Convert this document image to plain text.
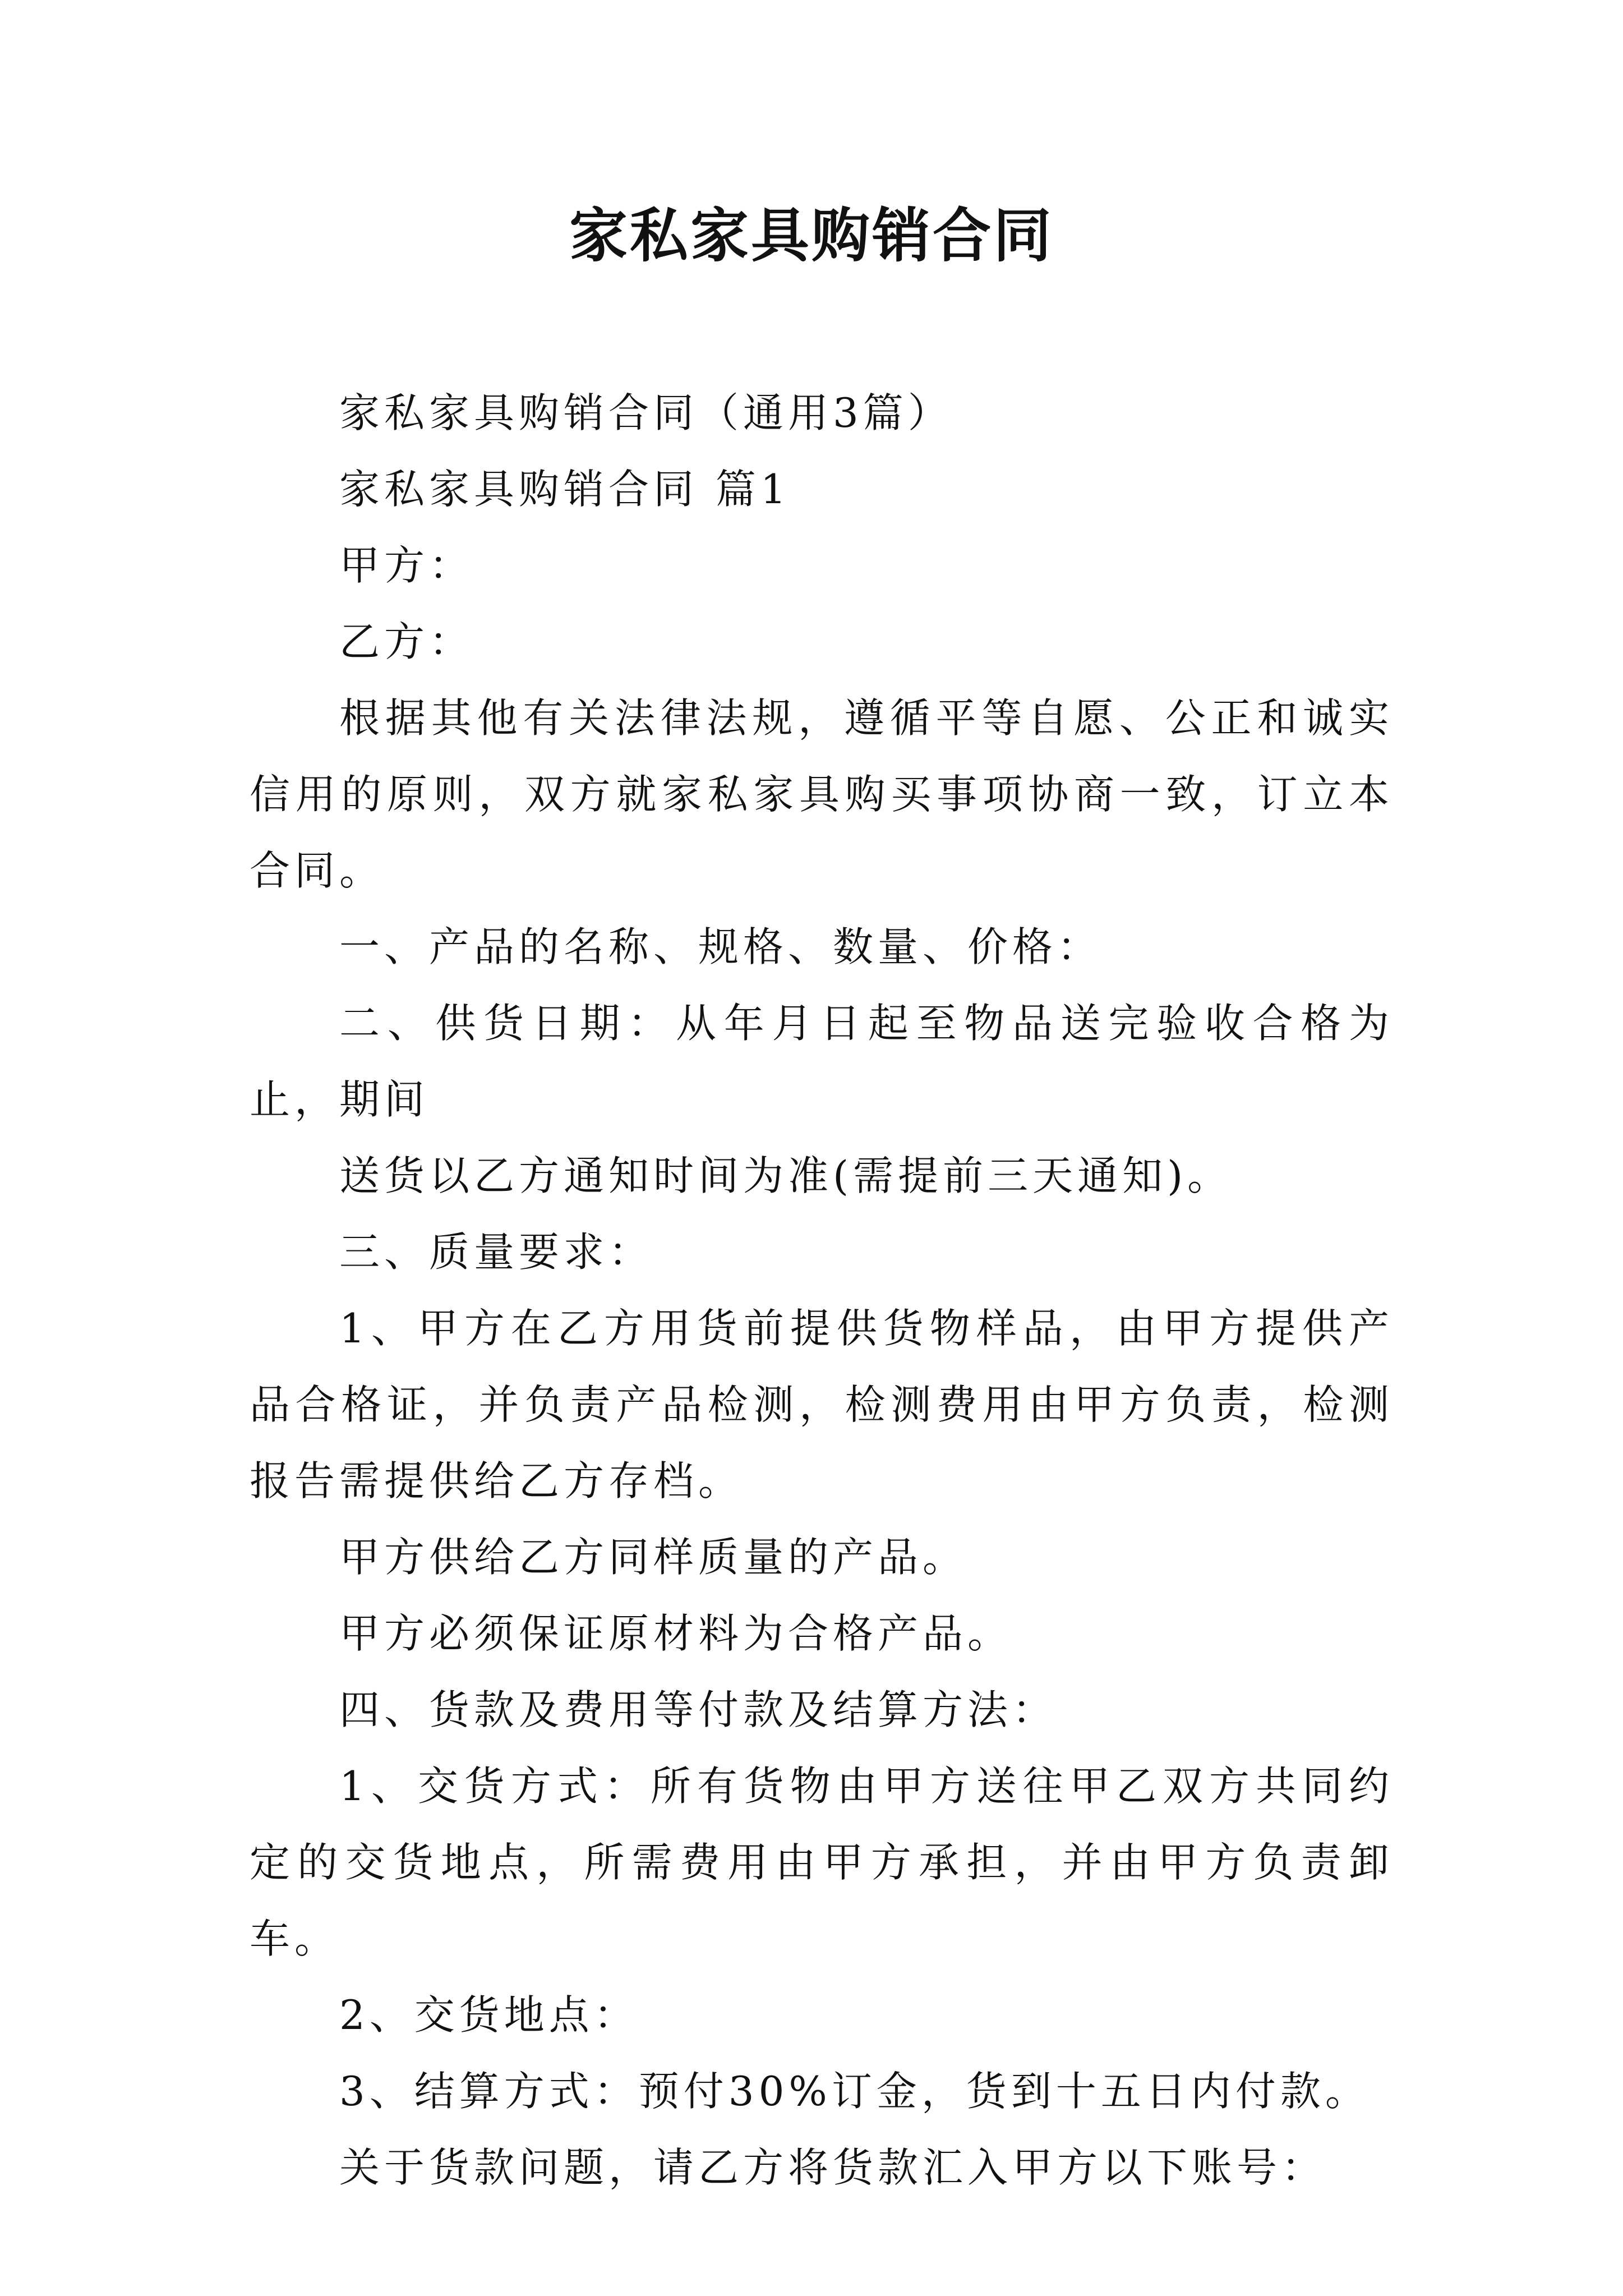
家私家具购销合同

家私家具购销合同（通用3篇）

家私家具购销合同 篇1

甲方：

乙方：

根据其他有关法律法规，遵循平等自愿、公正和诚实信用的原则，双方就家私家具购买事项协商一致，订立本合同。

一、产品的名称、规格、数量、价格：

二、供货日期：从年月日起至物品送完验收合格为止，期间

送货以乙方通知时间为准(需提前三天通知)。

三、质量要求：

1、甲方在乙方用货前提供货物样品，由甲方提供产品合格证，并负责产品检测，检测费用由甲方负责，检测报告需提供给乙方存档。

甲方供给乙方同样质量的产品。

甲方必须保证原材料为合格产品。

四、货款及费用等付款及结算方法：

1、交货方式：所有货物由甲方送往甲乙双方共同约定的交货地点，所需费用由甲方承担，并由甲方负责卸车。

2、交货地点：

3、结算方式：预付30%订金，货到十五日内付款。

关于货款问题，请乙方将货款汇入甲方以下账号：
